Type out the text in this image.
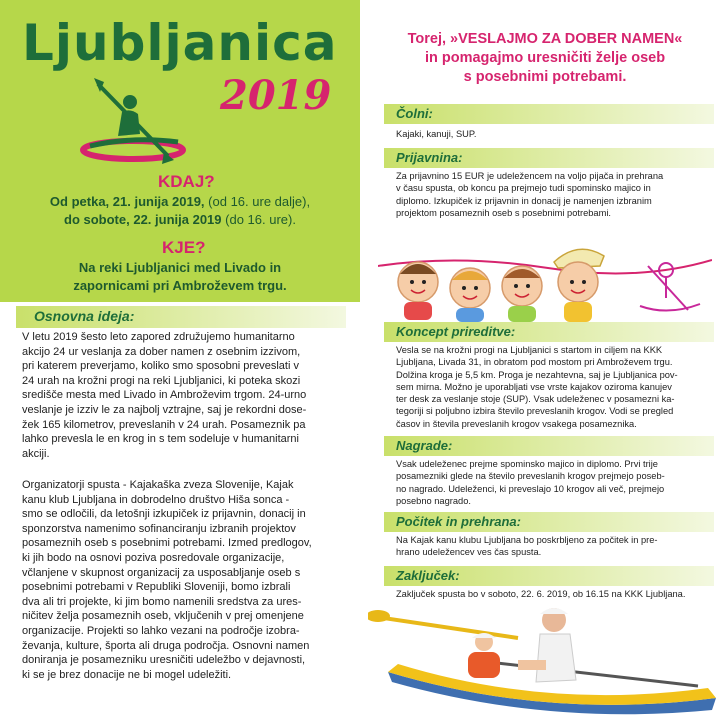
Ljubljanica
2019
KDAJ?
Od petka, 21. junija 2019, (od 16. ure dalje),
do sobote, 22. junija 2019 (do 16. ure).
KJE?
Na reki Ljubljanici med Livado in
zapornicami pri Ambroževem trgu.
Osnovna ideja:
V letu 2019 šesto leto zapored združujemo humanitarno
akcijo 24 ur veslanja za dober namen z osebnim izzivom,
pri katerem preverjamo, koliko smo sposobni preveslati v
24 urah na krožni progi na reki Ljubljanici, ki poteka skozi
središče mesta med Livado in Ambroževim trgom. 24-urno
veslanje je izziv le za najbolj vztrajne, saj je rekordni dose-
žek 165 kilometrov, preveslanih v 24 urah. Posameznik pa
lahko prevesla le en krog in s tem sodeluje v humanitarni
akciji.
Organizatorji spusta - Kajakaška zveza Slovenije, Kajak
kanu klub Ljubljana in dobrodelno društvo Hiša sonca -
smo se odločili, da letošnji izkupiček iz prijavnin, donacij in
sponzorstva namenimo sofinanciranju izbranih projektov
posameznih oseb s posebnimi potrebami. Izmed predlogov,
ki jih bodo na osnovi poziva posredovale organizacije,
včlanjene v skupnost organizacij za usposabljanje oseb s
posebnimi potrebami v Republiki Sloveniji, bomo izbrali
dva ali tri projekte, ki jim bomo namenili sredstva za ures-
ničitev želja posameznih oseb, vključenih v prej omenjene
organizacije. Projekti so lahko vezani na področje izobra-
ževanja, kulture, športa ali druga področja. Osnovni namen
doniranja je posamezniku uresničiti udeležbo v dejavnosti,
ki se je brez donacije ne bi mogel udeležiti.
Torej, »VESLAJMO ZA DOBER NAMEN«
in pomagajmo uresničiti želje oseb
s posebnimi potrebami.
Čolni:
Kajaki, kanuji, SUP.
Prijavnina:
Za prijavnino 15 EUR je udeležencem na voljo pijača in prehrana
v času spusta, ob koncu pa prejmejo tudi spominsko majico in
diplomo. Izkupiček iz prijavnin in donacij je namenjen izbranim
projektom posameznih oseb s posebnimi potrebami.
Koncept prireditve:
Vesla se na krožni progi na Ljubljanici s startom in ciljem na KKK
Ljubljana, Livada 31, in obratom pod mostom pri Ambroževem trgu.
Dolžina kroga je 5,5 km. Proga je nezahtevna, saj je Ljubljanica pov-
sem mirna. Možno je uporabljati vse vrste kajakov oziroma kanujev
ter desk za veslanje stoje (SUP). Vsak udeleženec v posamezni ka-
tegoriji si poljubno izbira število preveslanih krogov. Vodi se pregled
časov in števila preveslanih krogov vsakega posameznika.
Nagrade:
Vsak udeleženec prejme spominsko majico in diplomo. Prvi trije
posamezniki glede na število preveslanih krogov prejmejo poseb-
no nagrado. Udeleženci, ki preveslajo 10 krogov ali več, prejmejo
posebno nagrado.
Počitek in prehrana:
Na Kajak kanu klubu Ljubljana bo poskrbljeno za počitek in pre-
hrano udeležencev ves čas spusta.
Zaključek:
Zaključek spusta bo v soboto, 22. 6. 2019, ob 16.15 na KKK Ljubljana.
